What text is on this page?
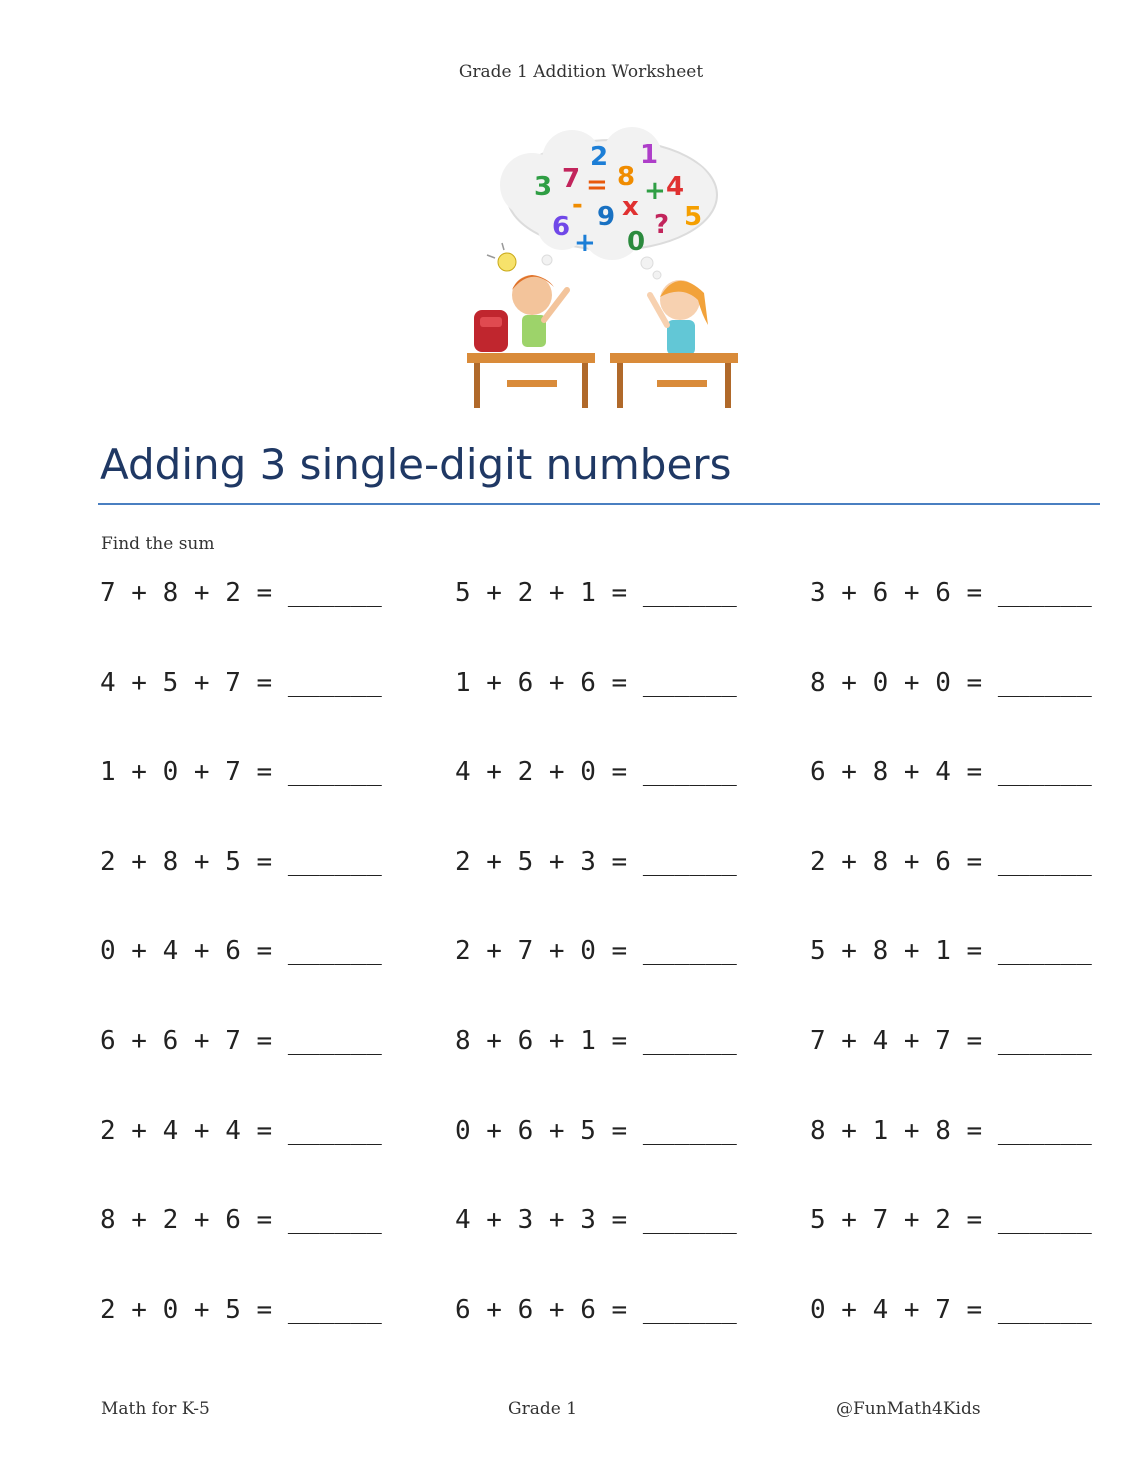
Grade 1 Addition Worksheet
3 7
2
= 8
1
+ 4
6
- 9 x
0
? 5
+
Adding 3 single-digit numbers
Find the sum
7 + 8 + 2 = ______	5 + 2 + 1 = ______	3 + 6 + 6 = ______
4 + 5 + 7 = ______	1 + 6 + 6 = ______	8 + 0 + 0 = ______
1 + 0 + 7 = ______	4 + 2 + 0 = ______	6 + 8 + 4 = ______
2 + 8 + 5 = ______	2 + 5 + 3 = ______	2 + 8 + 6 = ______
0 + 4 + 6 = ______	2 + 7 + 0 = ______	5 + 8 + 1 = ______
6 + 6 + 7 = ______	8 + 6 + 1 = ______	7 + 4 + 7 = ______
2 + 4 + 4 = ______	0 + 6 + 5 = ______	8 + 1 + 8 = ______
8 + 2 + 6 = ______	4 + 3 + 3 = ______	5 + 7 + 2 = ______
2 + 0 + 5 = ______	6 + 6 + 6 = ______	0 + 4 + 7 = ______
Math for K-5	Grade 1	@FunMath4Kids
